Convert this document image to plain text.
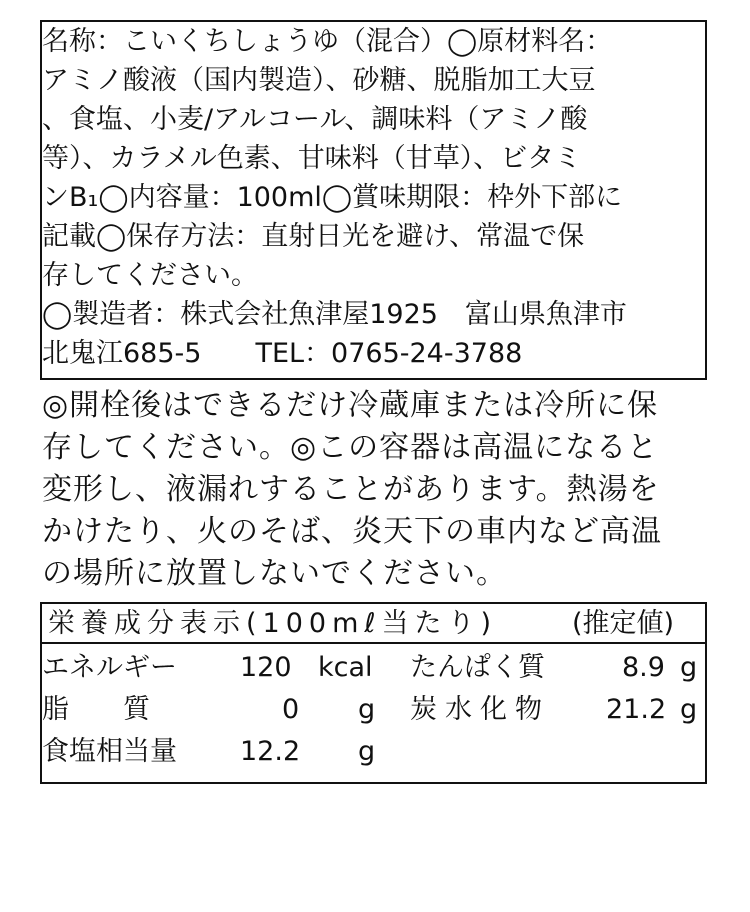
名称：こいくちしょうゆ（混合）◯原材料名：
アミノ酸液（国内製造）、砂糖、脱脂加工大豆
、食塩、小麦/アルコール、調味料（アミノ酸
等）、カラメル色素、甘味料（甘草）、ビタミ
ンB₁◯内容量：100ml◯賞味期限：枠外下部に
記載◯保存方法：直射日光を避け、常温で保
存してください。
◯製造者：株式会社魚津屋1925　富山県魚津市
北鬼江685-5　　TEL：0765-24-3788
◎開栓後はできるだけ冷蔵庫または冷所に保
存してください。◎この容器は高温になると
変形し、液漏れすることがあります。熱湯を
かけたり、火のそば、炎天下の車内など高温
の場所に放置しないでください。
栄養成分表示(100mℓ当たり)	(推定値)
エネルギー 120 kcal たんぱく質	8.9 g
脂　　質	0 g 炭水化物 21.2 g
食塩相当量 12.2 g
